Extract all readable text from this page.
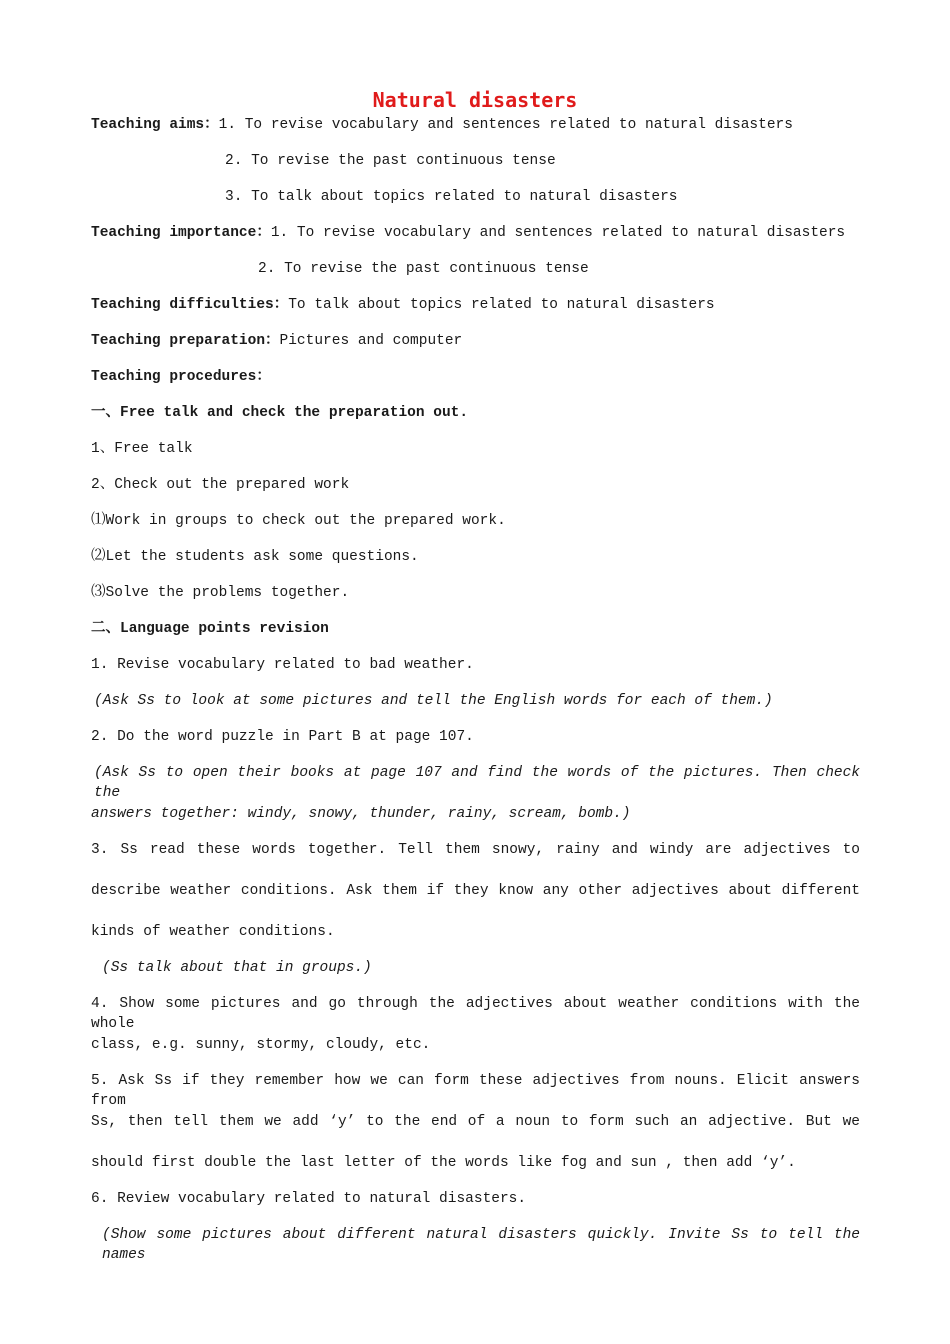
Natural disasters
Teaching aims：1. To revise vocabulary and sentences related to natural disasters
2. To revise the past continuous tense
3. To talk about topics related to natural disasters
Teaching importance：1. To revise vocabulary and sentences related to natural disasters
2. To revise the past continuous tense
Teaching difficulties：To talk about topics related to natural disasters
Teaching preparation：Pictures and computer
Teaching procedures：
一、Free talk and check the preparation out.
1、Free talk
2、Check out the prepared work
⑴Work in groups to check out the prepared work.
⑵Let the students ask some questions.
⑶Solve the problems together.
二、Language points revision
1. Revise vocabulary related to bad weather.
(Ask Ss to look at some pictures and tell the English words for each of them.)
2. Do the word puzzle in Part B at page 107.
(Ask Ss to open their books at page 107 and find the words of the pictures. Then check the
answers together: windy, snowy, thunder, rainy, scream, bomb.)
3. Ss read these words together. Tell them snowy, rainy and windy are adjectives to
describe weather conditions. Ask them if they know any other adjectives about different
kinds of weather conditions.
(Ss talk about that in groups.)
4. Show some pictures and go through the adjectives about weather conditions with the whole
class, e.g. sunny, stormy, cloudy, etc.
5. Ask Ss if they remember how we can form these adjectives from nouns. Elicit answers from
Ss, then tell them we add ‘y’ to the end of a noun to form such an adjective. But we
should first double the last letter of the words like fog and sun , then add ‘y’.
6. Review vocabulary related to natural disasters.
(Show some pictures about different natural disasters quickly. Invite Ss to tell the names
